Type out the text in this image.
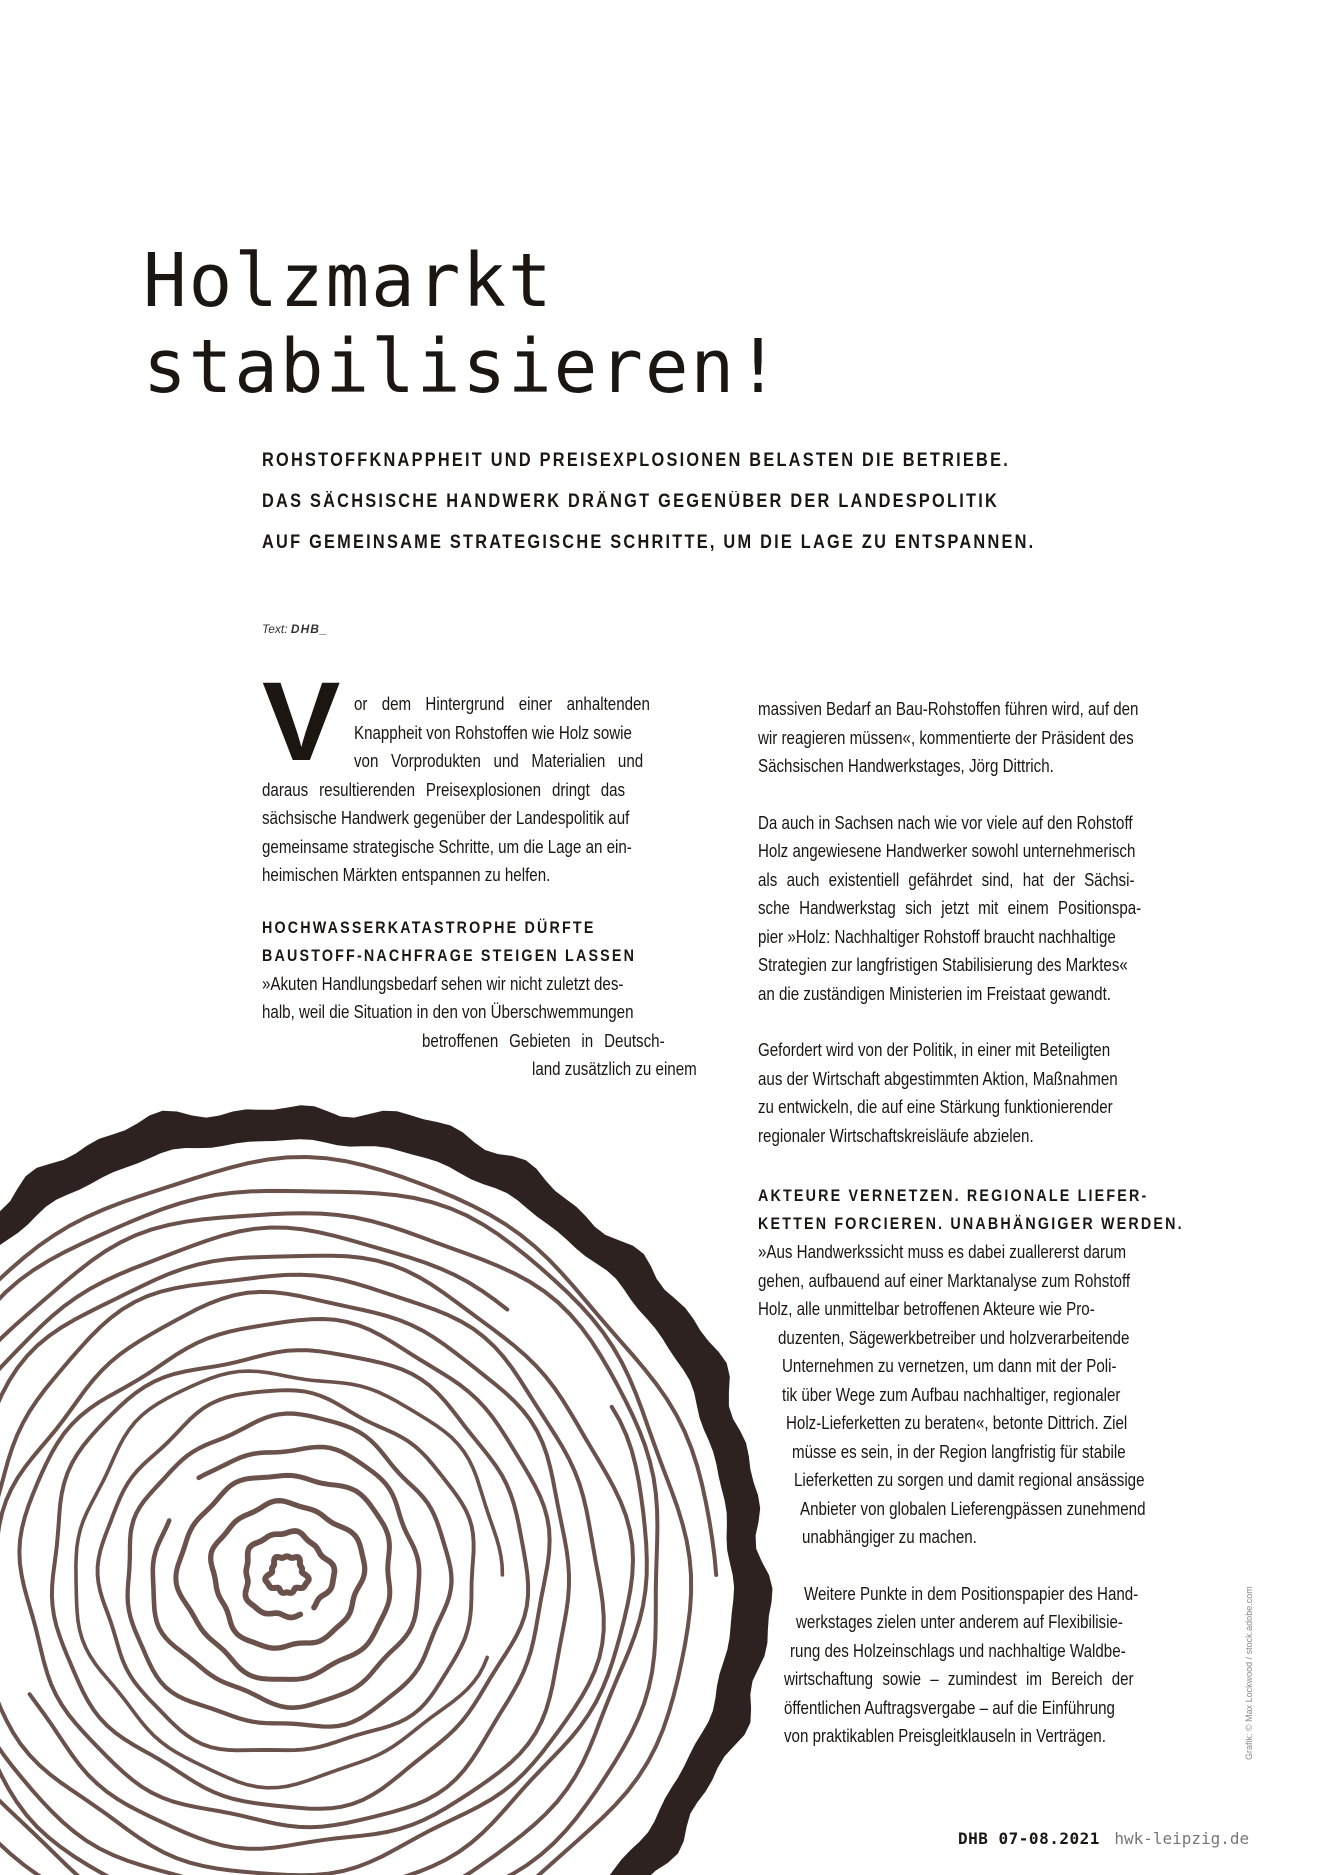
Holzmarkt
stabilisieren!
ROHSTOFFKNAPPHEIT UND PREISEXPLOSIONEN BELASTEN DIE BETRIEBE.
DAS SÄCHSISCHE HANDWERK DRÄNGT GEGENÜBER DER LANDESPOLITIK
AUF GEMEINSAME STRATEGISCHE SCHRITTE, UM DIE LAGE ZU ENTSPANNEN.
Text: DHB_
V or dem Hintergrund einer anhaltenden
Knappheit von Rohstoffen wie Holz sowie
von Vorprodukten und Materialien und
daraus resultierenden Preisexplosionen dringt das
sächsische Handwerk gegenüber der Landespolitik auf
gemeinsame strategische Schritte, um die Lage an ein-
heimischen Märkten entspannen zu helfen.

HOCHWASSERKATASTROPHE DÜRFTE
BAUSTOFF-NACHFRAGE STEIGEN LASSEN

»Akuten Handlungsbedarf sehen wir nicht zuletzt des-
halb, weil die Situation in den von Überschwemmungen
betroffenen Gebieten in Deutsch-
land zusätzlich zu einem

massiven Bedarf an Bau-Rohstoffen führen wird, auf den
wir reagieren müssen«, kommentierte der Präsident des
Sächsischen Handwerkstages, Jörg Dittrich.

Da auch in Sachsen nach wie vor viele auf den Rohstoff
Holz angewiesene Handwerker sowohl unternehmerisch
als auch existentiell gefährdet sind, hat der Sächsi-
sche Handwerkstag sich jetzt mit einem Positionspa-
pier »Holz: Nachhaltiger Rohstoff braucht nachhaltige
Strategien zur langfristigen Stabilisierung des Marktes«
an die zuständigen Ministerien im Freistaat gewandt.

Gefordert wird von der Politik, in einer mit Beteiligten
aus der Wirtschaft abgestimmten Aktion, Maßnahmen
zu entwickeln, die auf eine Stärkung funktionierender
regionaler Wirtschaftskreisläufe abzielen.

AKTEURE VERNETZEN. REGIONALE LIEFER-
KETTEN FORCIEREN. UNABHÄNGIGER WERDEN.

»Aus Handwerkssicht muss es dabei zuallererst darum
gehen, aufbauend auf einer Marktanalyse zum Rohstoff
Holz, alle unmittelbar betroffenen Akteure wie Pro-
duzenten, Sägewerkbetreiber und holzverarbeitende
Unternehmen zu vernetzen, um dann mit der Poli-
tik über Wege zum Aufbau nachhaltiger, regionaler
Holz-Lieferketten zu beraten«, betonte Dittrich. Ziel
müsse es sein, in der Region langfristig für stabile
Lieferketten zu sorgen und damit regional ansässige
Anbieter von globalen Lieferengpässen zunehmend
unabhängiger zu machen.

Weitere Punkte in dem Positionspapier des Hand-
werkstages zielen unter anderem auf Flexibilisie-
rung des Holzeinschlags und nachhaltige Waldbe-
wirtschaftung sowie – zumindest im Bereich der
öffentlichen Auftragsvergabe – auf die Einführung
von praktikablen Preisgleitklauseln in Verträgen.	Grafik: © Max Lockwood / stock.adobe.com
DHB 07-08.2021 hwk-leipzig.de
